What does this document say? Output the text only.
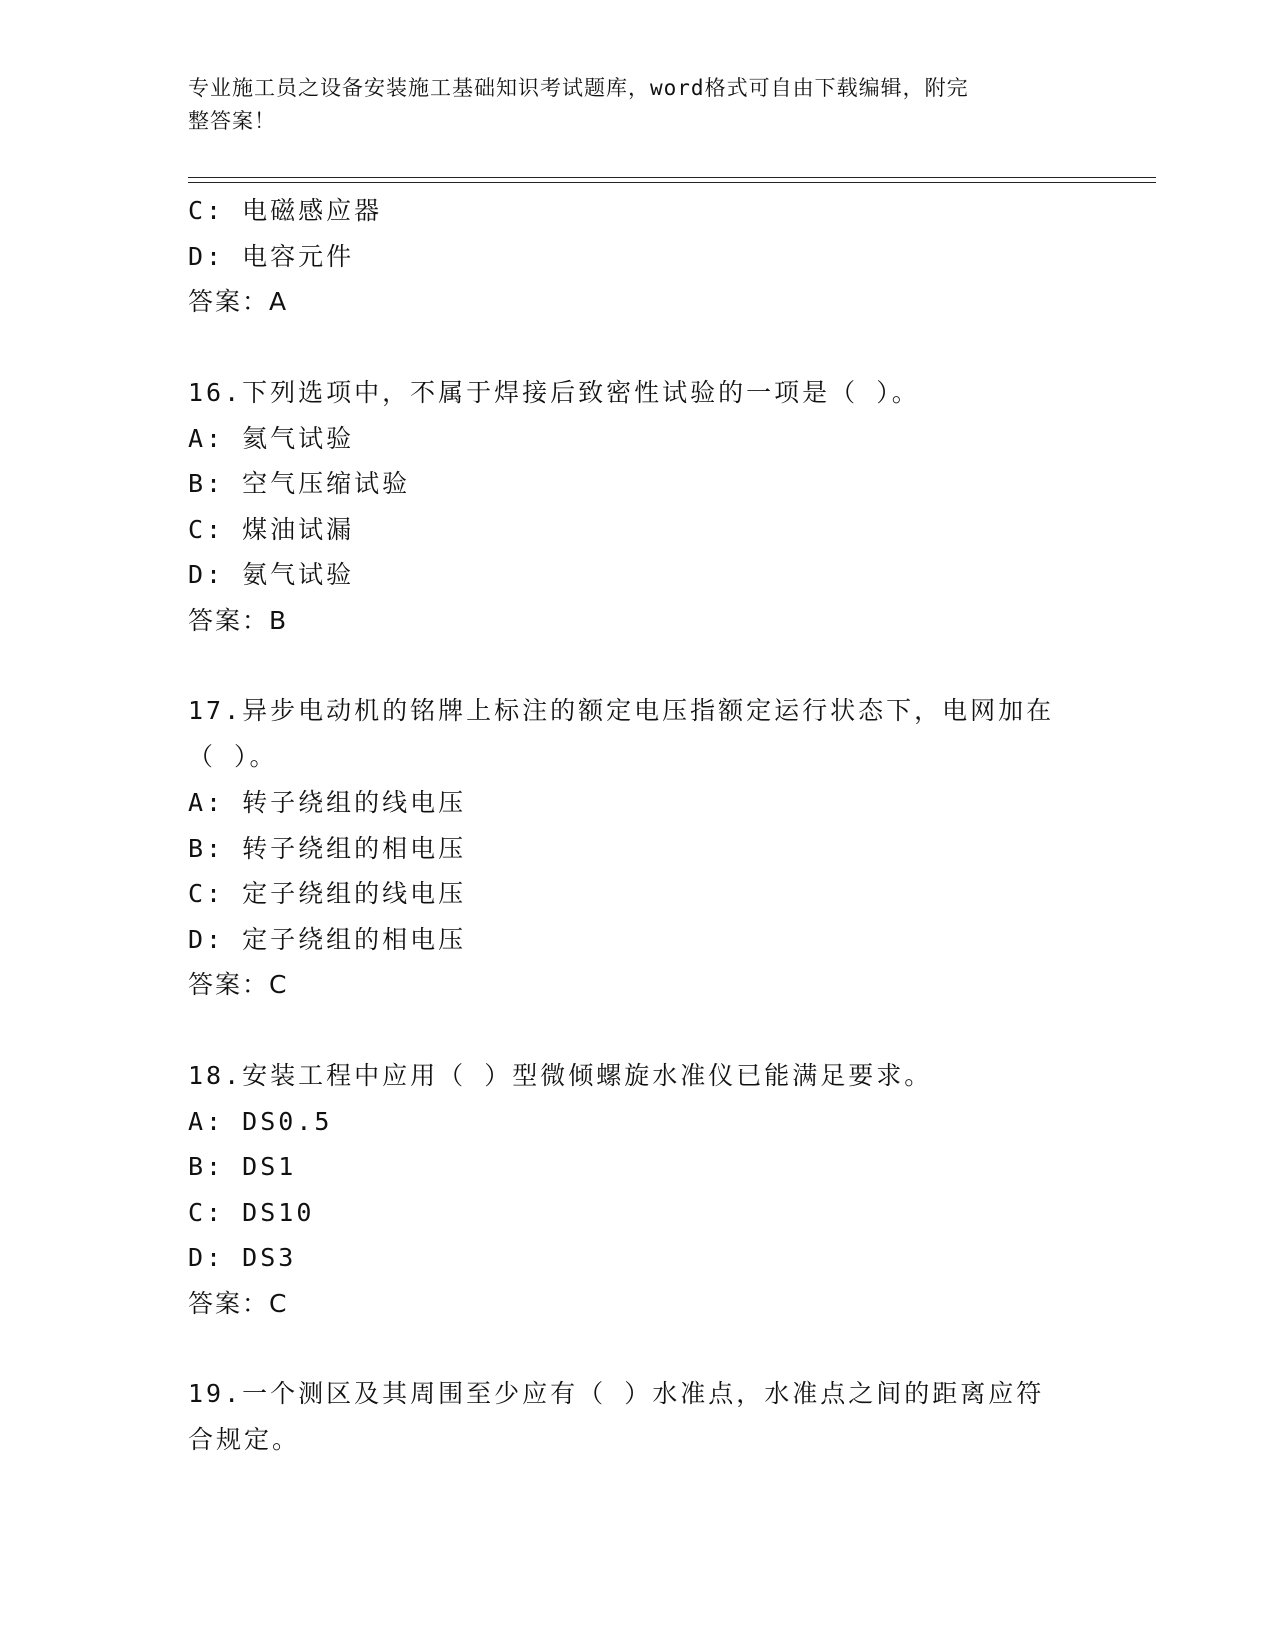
专业施工员之设备安装施工基础知识考试题库，word格式可自由下载编辑，附完
整答案！
C: 电磁感应器
D: 电容元件
答案：A
16.下列选项中，不属于焊接后致密性试验的一项是（ ）。
A: 氦气试验
B: 空气压缩试验
C: 煤油试漏
D: 氨气试验
答案：B
17.异步电动机的铭牌上标注的额定电压指额定运行状态下，电网加在
（ ）。
A: 转子绕组的线电压
B: 转子绕组的相电压
C: 定子绕组的线电压
D: 定子绕组的相电压
答案：C
18.安装工程中应用（ ）型微倾螺旋水准仪已能满足要求。
A: DS0.5
B: DS1
C: DS10
D: DS3
答案：C
19.一个测区及其周围至少应有（ ）水准点，水准点之间的距离应符
合规定。
